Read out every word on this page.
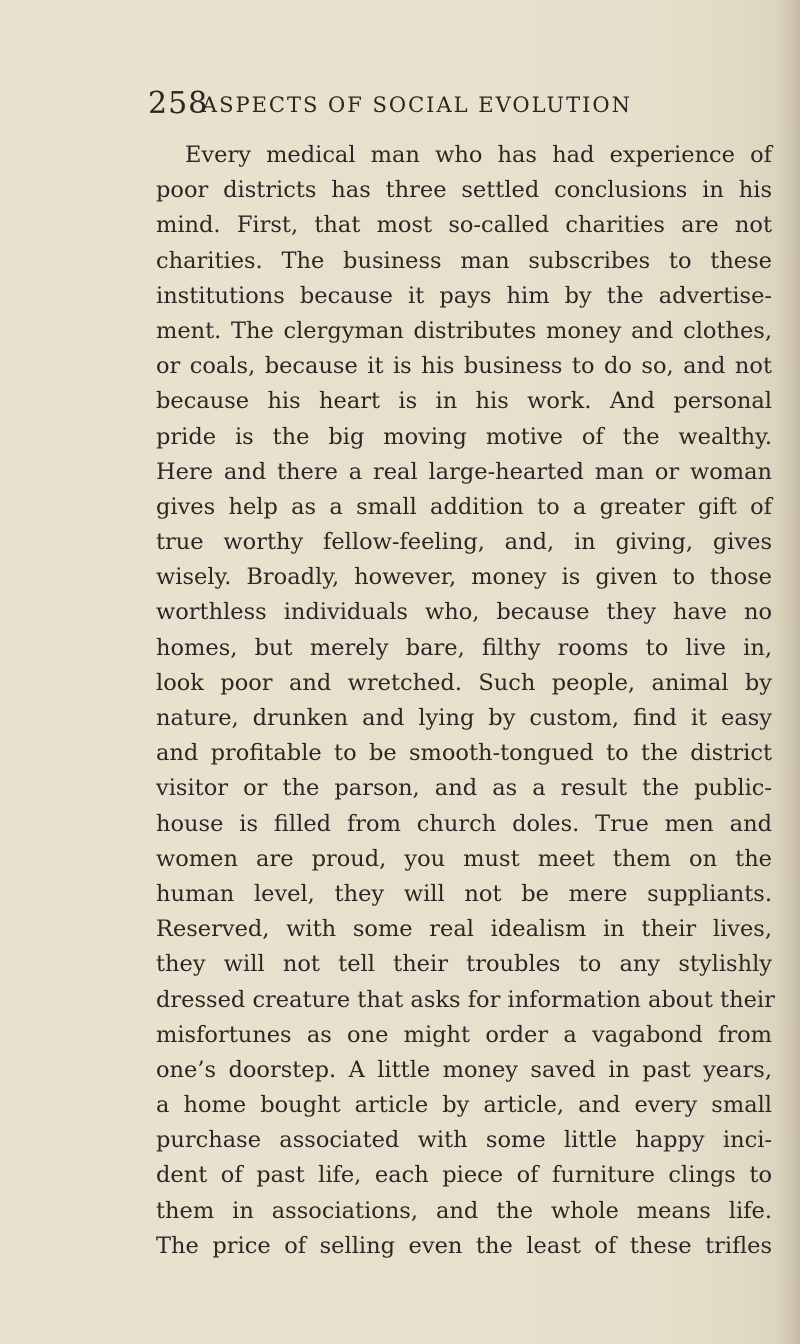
258
ASPECTS OF SOCIAL EVOLUTION
Every medical man who has had experience of
poor districts has three settled conclusions in his
mind. First, that most so-called charities are not
charities. The business man subscribes to these
institutions because it pays him by the advertise-
ment. The clergyman distributes money and clothes,
or coals, because it is his business to do so, and not
because his heart is in his work. And personal
pride is the big moving motive of the wealthy.
Here and there a real large-hearted man or woman
gives help as a small addition to a greater gift of
true worthy fellow-feeling, and, in giving, gives
wisely. Broadly, however, money is given to those
worthless individuals who, because they have no
homes, but merely bare, filthy rooms to live in,
look poor and wretched. Such people, animal by
nature, drunken and lying by custom, find it easy
and profitable to be smooth-tongued to the district
visitor or the parson, and as a result the public-
house is filled from church doles. True men and
women are proud, you must meet them on the
human level, they will not be mere suppliants.
Reserved, with some real idealism in their lives,
they will not tell their troubles to any stylishly
dressed creature that asks for information about their
misfortunes as one might order a vagabond from
one’s doorstep. A little money saved in past years,
a home bought article by article, and every small
purchase associated with some little happy inci-
dent of past life, each piece of furniture clings to
them in associations, and the whole means life.
The price of selling even the least of these trifles
